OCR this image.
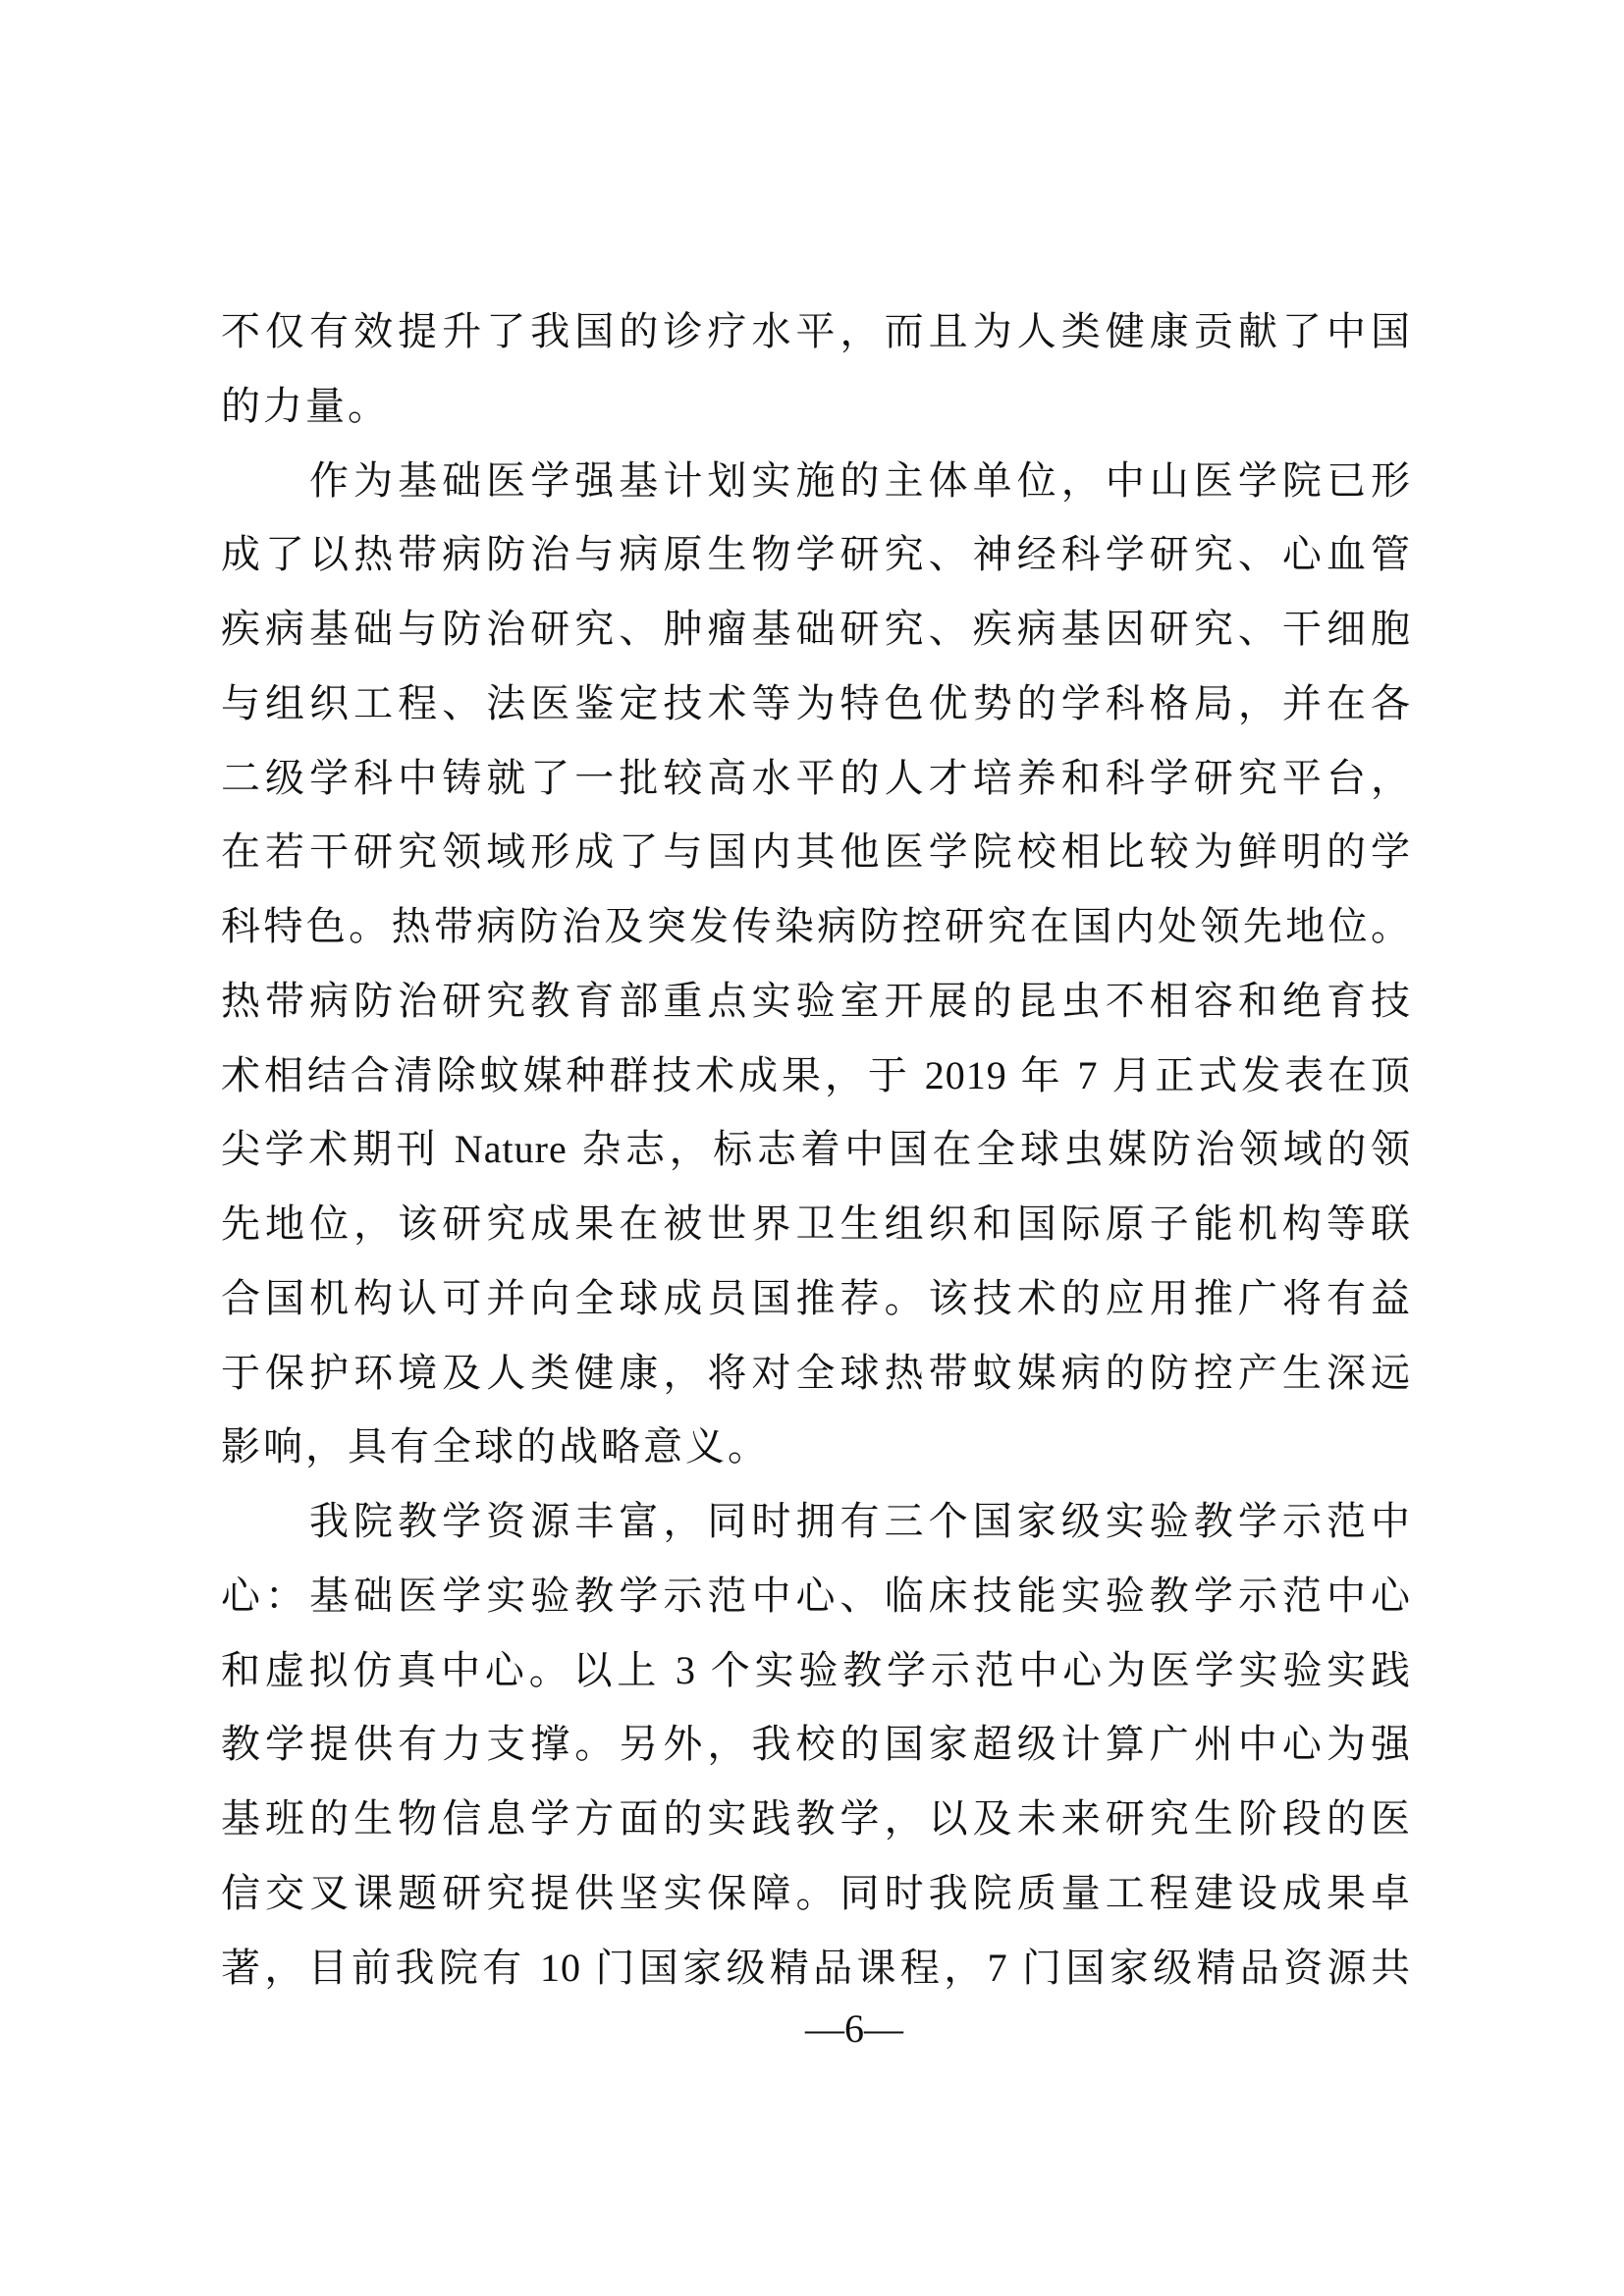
不仅有效提升了我国的诊疗水平，而且为人类健康贡献了中国
的力量。
作为基础医学强基计划实施的主体单位，中山医学院已形
成了以热带病防治与病原生物学研究、神经科学研究、心血管
疾病基础与防治研究、肿瘤基础研究、疾病基因研究、干细胞
与组织工程、法医鉴定技术等为特色优势的学科格局，并在各
二级学科中铸就了一批较高水平的人才培养和科学研究平台，
在若干研究领域形成了与国内其他医学院校相比较为鲜明的学
科特色。热带病防治及突发传染病防控研究在国内处领先地位。
热带病防治研究教育部重点实验室开展的昆虫不相容和绝育技
术相结合清除蚊媒种群技术成果，于 2019 年 7 月正式发表在顶
尖学术期刊 Nature 杂志，标志着中国在全球虫媒防治领域的领
先地位，该研究成果在被世界卫生组织和国际原子能机构等联
合国机构认可并向全球成员国推荐。该技术的应用推广将有益
于保护环境及人类健康，将对全球热带蚊媒病的防控产生深远
影响，具有全球的战略意义。
我院教学资源丰富，同时拥有三个国家级实验教学示范中
心：基础医学实验教学示范中心、临床技能实验教学示范中心
和虚拟仿真中心。以上 3 个实验教学示范中心为医学实验实践
教学提供有力支撑。另外，我校的国家超级计算广州中心为强
基班的生物信息学方面的实践教学，以及未来研究生阶段的医
信交叉课题研究提供坚实保障。同时我院质量工程建设成果卓
著，目前我院有 10 门国家级精品课程，7 门国家级精品资源共
—6—
